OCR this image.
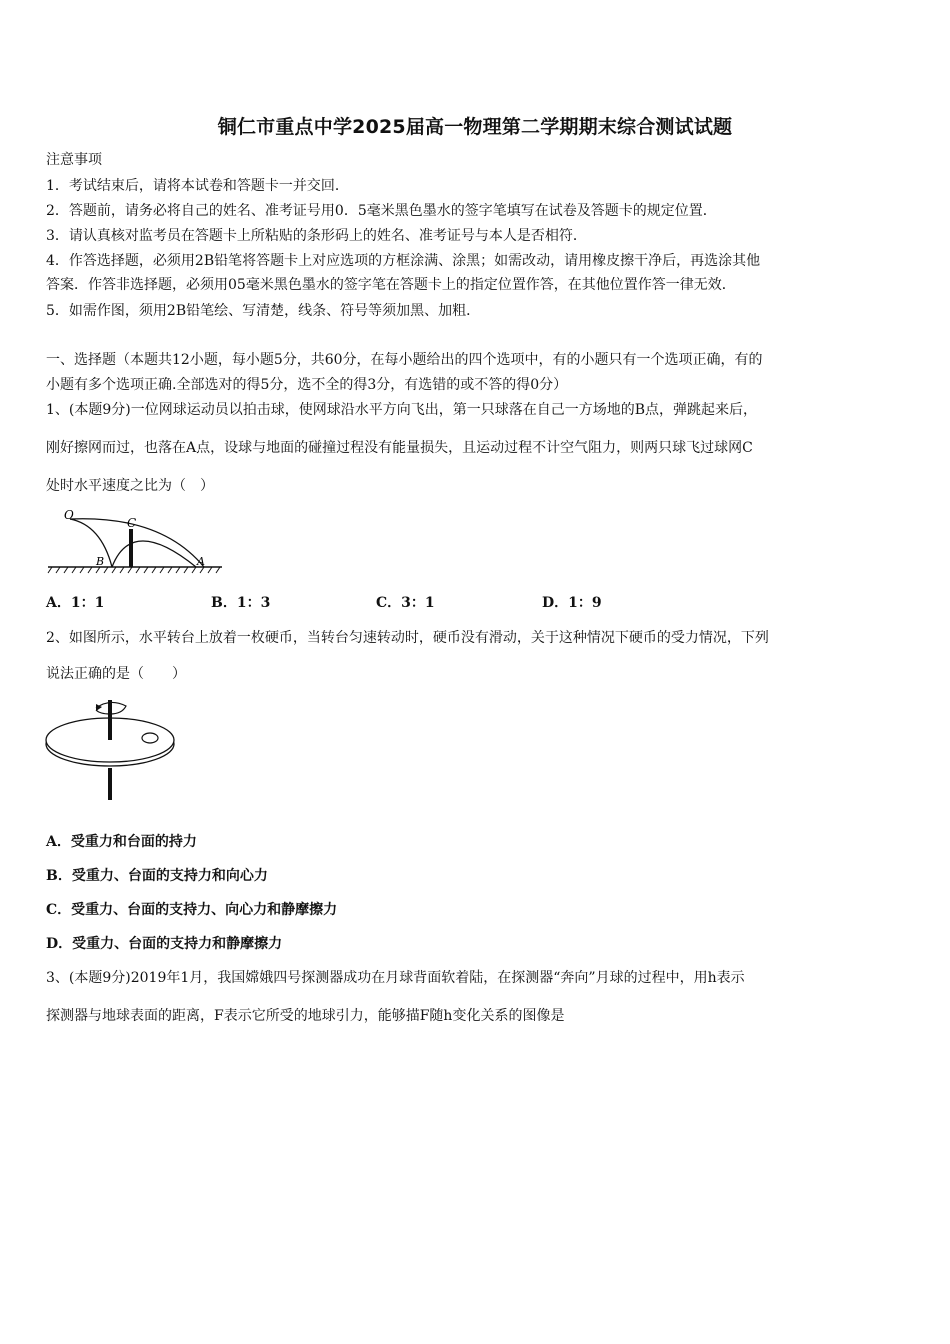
铜仁市重点中学2025届高一物理第二学期期末综合测试试题
注意事项
1．考试结束后，请将本试卷和答题卡一并交回．
2．答题前，请务必将自己的姓名、准考证号用0．5毫米黑色墨水的签字笔填写在试卷及答题卡的规定位置．
3．请认真核对监考员在答题卡上所粘贴的条形码上的姓名、准考证号与本人是否相符．
4．作答选择题，必须用2B铅笔将答题卡上对应选项的方框涂满、涂黑；如需改动，请用橡皮擦干净后，再选涂其他
答案．作答非选择题，必须用05毫米黑色墨水的签字笔在答题卡上的指定位置作答，在其他位置作答一律无效．
5．如需作图，须用2B铅笔绘、写清楚，线条、符号等须加黑、加粗．
一、选择题（本题共12小题，每小题5分，共60分，在每小题给出的四个选项中，有的小题只有一个选项正确，有的
小题有多个选项正确.全部选对的得5分，选不全的得3分，有选错的或不答的得0分）
1、(本题9分)一位网球运动员以拍击球，使网球沿水平方向飞出，第一只球落在自己一方场地的B点，弹跳起来后，
刚好擦网而过，也落在A点，设球与地面的碰撞过程没有能量损失，且运动过程不计空气阻力，则两只球飞过球网C
处时水平速度之比为（　）
O
C
B	A
A．1：1	B．1：3	C．3：1	D．1：9
2、如图所示，水平转台上放着一枚硬币，当转台匀速转动时，硬币没有滑动，关于这种情况下硬币的受力情况，下列
说法正确的是（　　）
A．受重力和台面的持力
B．受重力、台面的支持力和向心力
C．受重力、台面的支持力、向心力和静摩擦力
D．受重力、台面的支持力和静摩擦力
3、(本题9分)2019年1月，我国嫦娥四号探测器成功在月球背面软着陆，在探测器“奔向”月球的过程中，用h表示
探测器与地球表面的距离，F表示它所受的地球引力，能够描F随h变化关系的图像是
